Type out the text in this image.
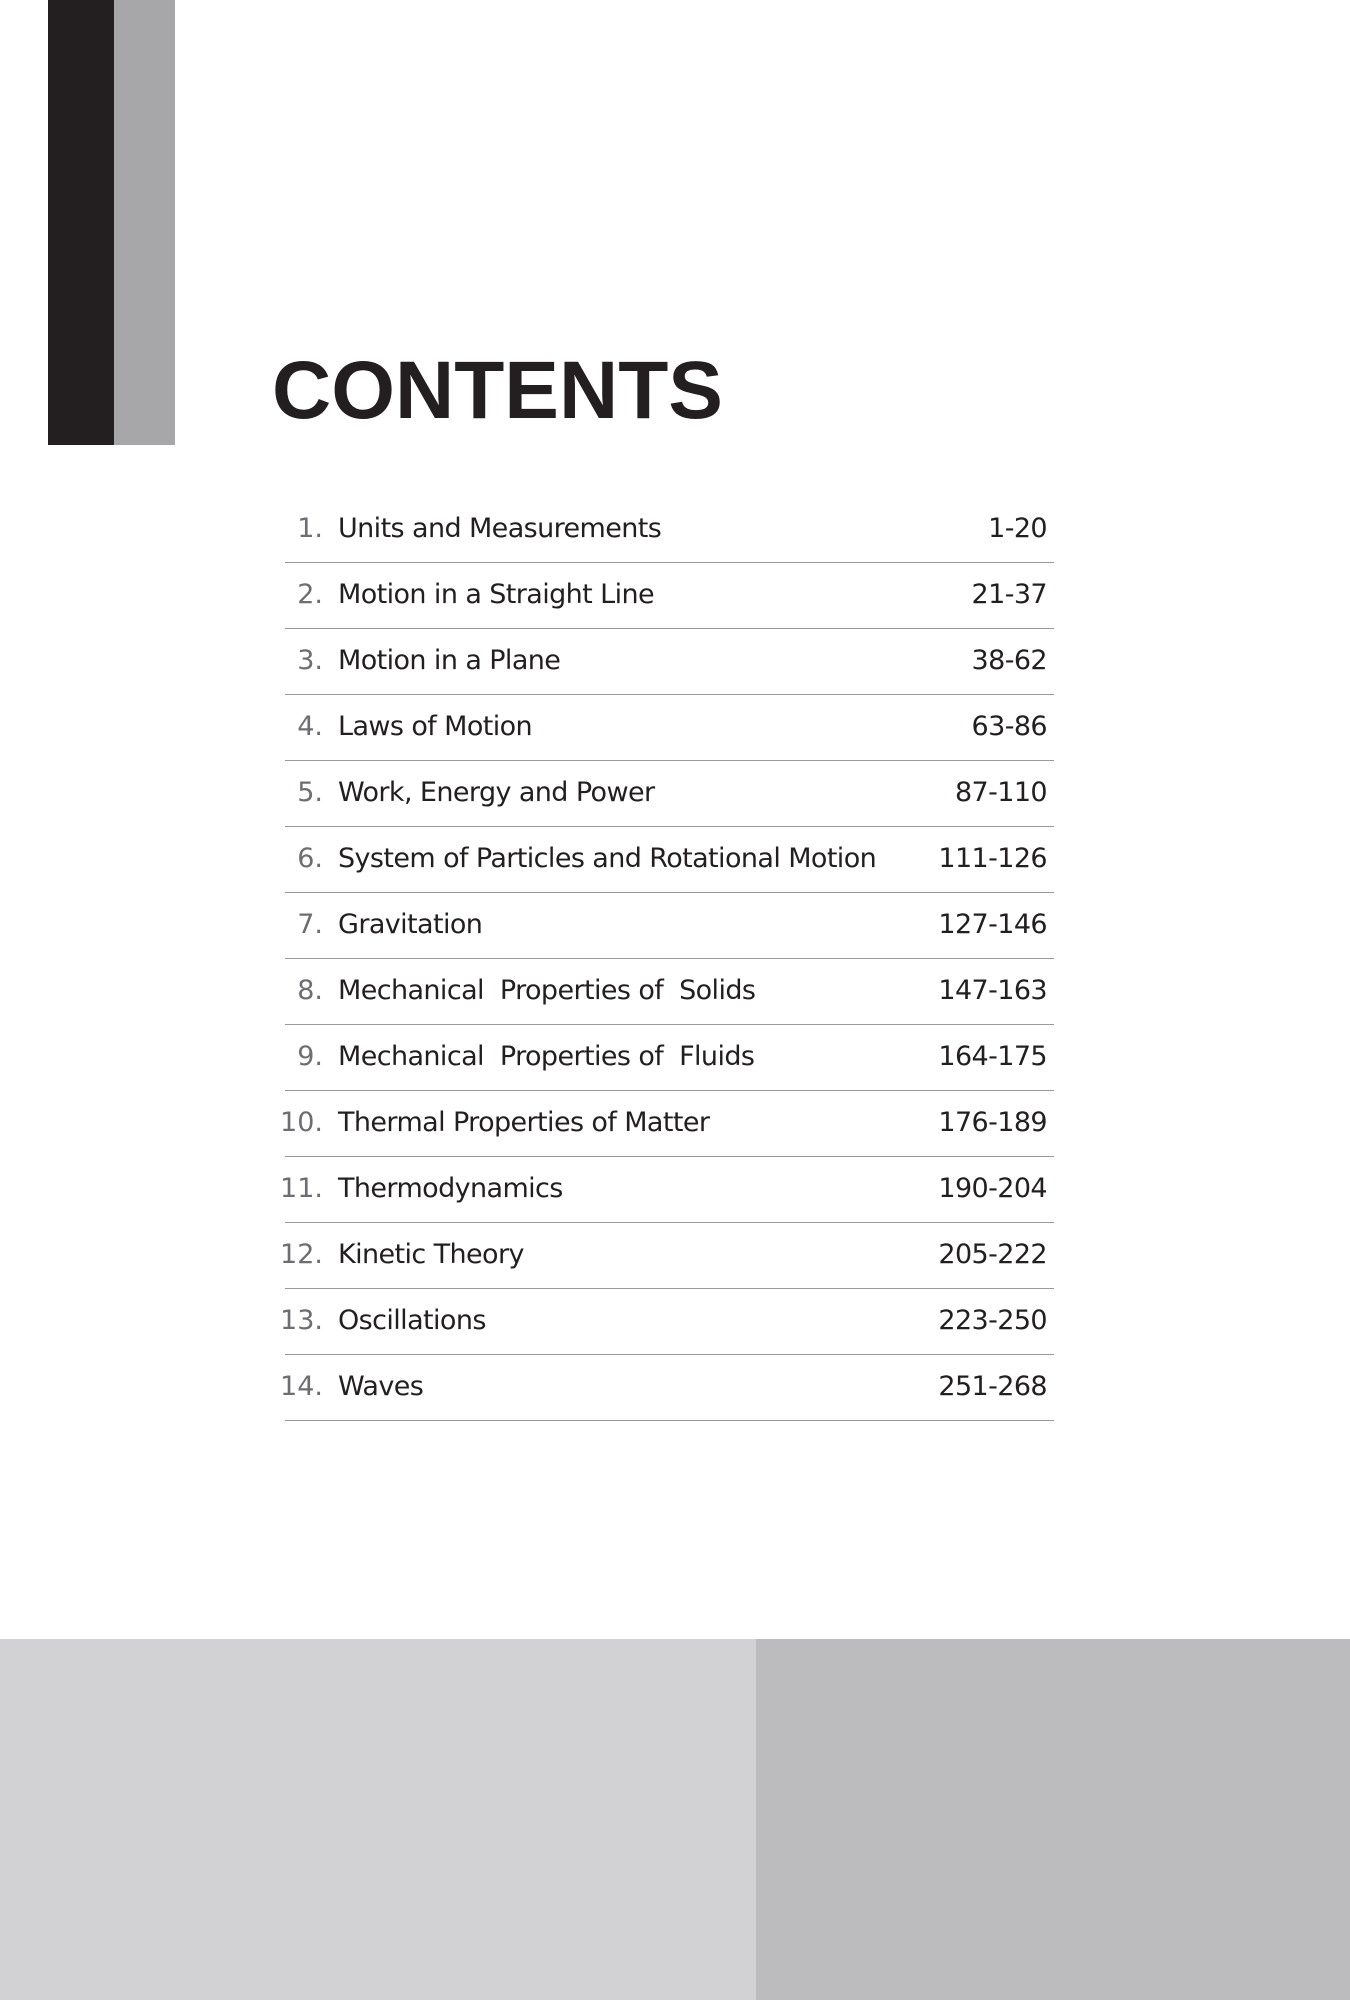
CONTENTS
1. Units and Measurements	1-20
2. Motion in a Straight Line	21-37
3. Motion in a Plane	38-62
4. Laws of Motion	63-86
5. Work, Energy and Power	87-110
6. System of Particles and Rotational Motion 111-126
7. Gravitation	127-146
8. Mechanical  Properties of  Solids	147-163
9. Mechanical  Properties of  Fluids	164-175
10. Thermal Properties of Matter	176-189
11. Thermodynamics	190-204
12. Kinetic Theory	205-222
13. Oscillations	223-250
14. Waves	251-268
